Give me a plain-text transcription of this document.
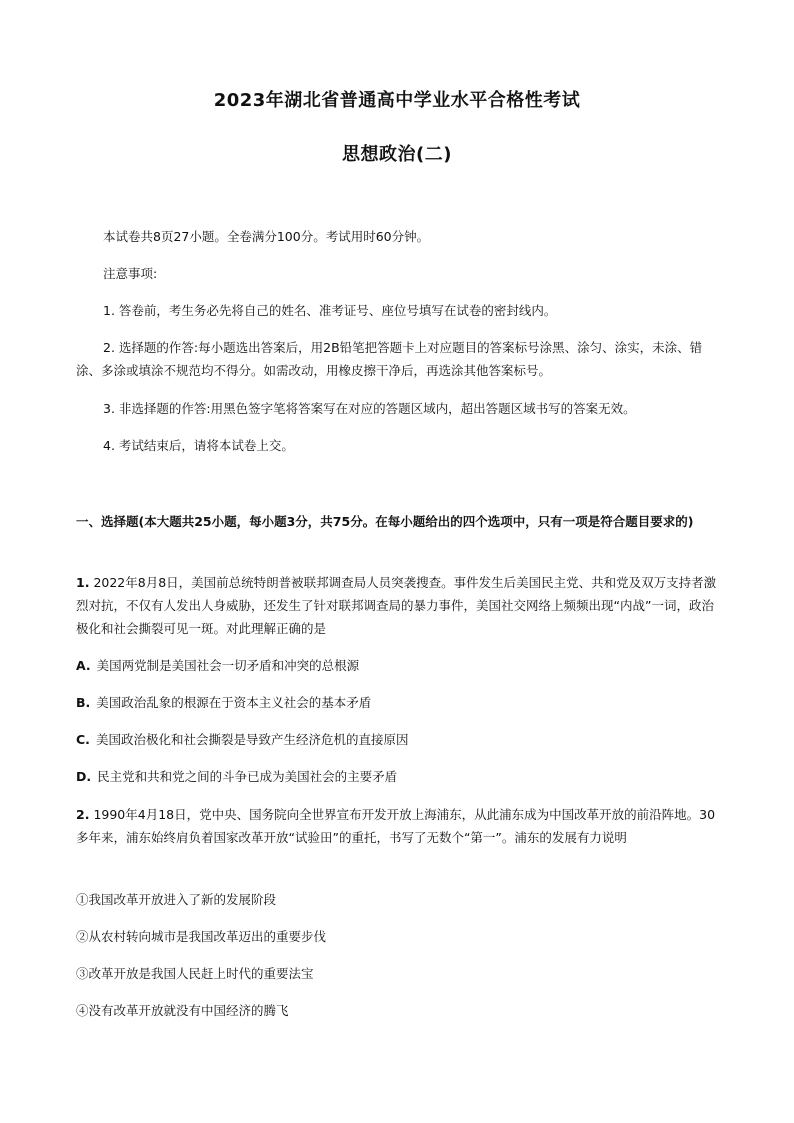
2023年湖北省普通高中学业水平合格性考试
思想政治(二)
本试卷共8页27小题。全卷满分100分。考试用时60分钟。
注意事项:
1. 答卷前，考生务必先将自己的姓名、准考证号、座位号填写在试卷的密封线内。
2. 选择题的作答:每小题选出答案后，用2B铅笔把答题卡上对应题目的答案标号涂黑、涂匀、涂实，未涂、错涂、多涂或填涂不规范均不得分。如需改动，用橡皮擦干净后，再选涂其他答案标号。
3. 非选择题的作答:用黑色签字笔将答案写在对应的答题区域内，超出答题区域书写的答案无效。
4. 考试结束后，请将本试卷上交。
一、选择题(本大题共25小题，每小题3分，共75分。在每小题给出的四个选项中，只有一项是符合题目要求的)
1. 2022年8月8日，美国前总统特朗普被联邦调查局人员突袭搜查。事件发生后美国民主党、共和党及双万支持者激烈对抗，不仅有人发出人身威胁，还发生了针对联邦调查局的暴力事件，美国社交网络上频频出现“内战”一词，政治极化和社会撕裂可见一斑。对此理解正确的是
A. 美国两党制是美国社会一切矛盾和冲突的总根源
B. 美国政治乱象的根源在于资本主义社会的基本矛盾
C. 美国政治极化和社会撕裂是导致产生经济危机的直接原因
D. 民主党和共和党之间的斗争已成为美国社会的主要矛盾
2. 1990年4月18日，党中央、国务院向全世界宣布开发开放上海浦东，从此浦东成为中国改革开放的前沿阵地。30多年来，浦东始终肩负着国家改革开放“试验田”的重托，书写了无数个“第一”。浦东的发展有力说明
①我国改革开放进入了新的发展阶段
②从农村转向城市是我国改革迈出的重要步伐
③改革开放是我国人民赶上时代的重要法宝
④没有改革开放就没有中国经济的腾飞
